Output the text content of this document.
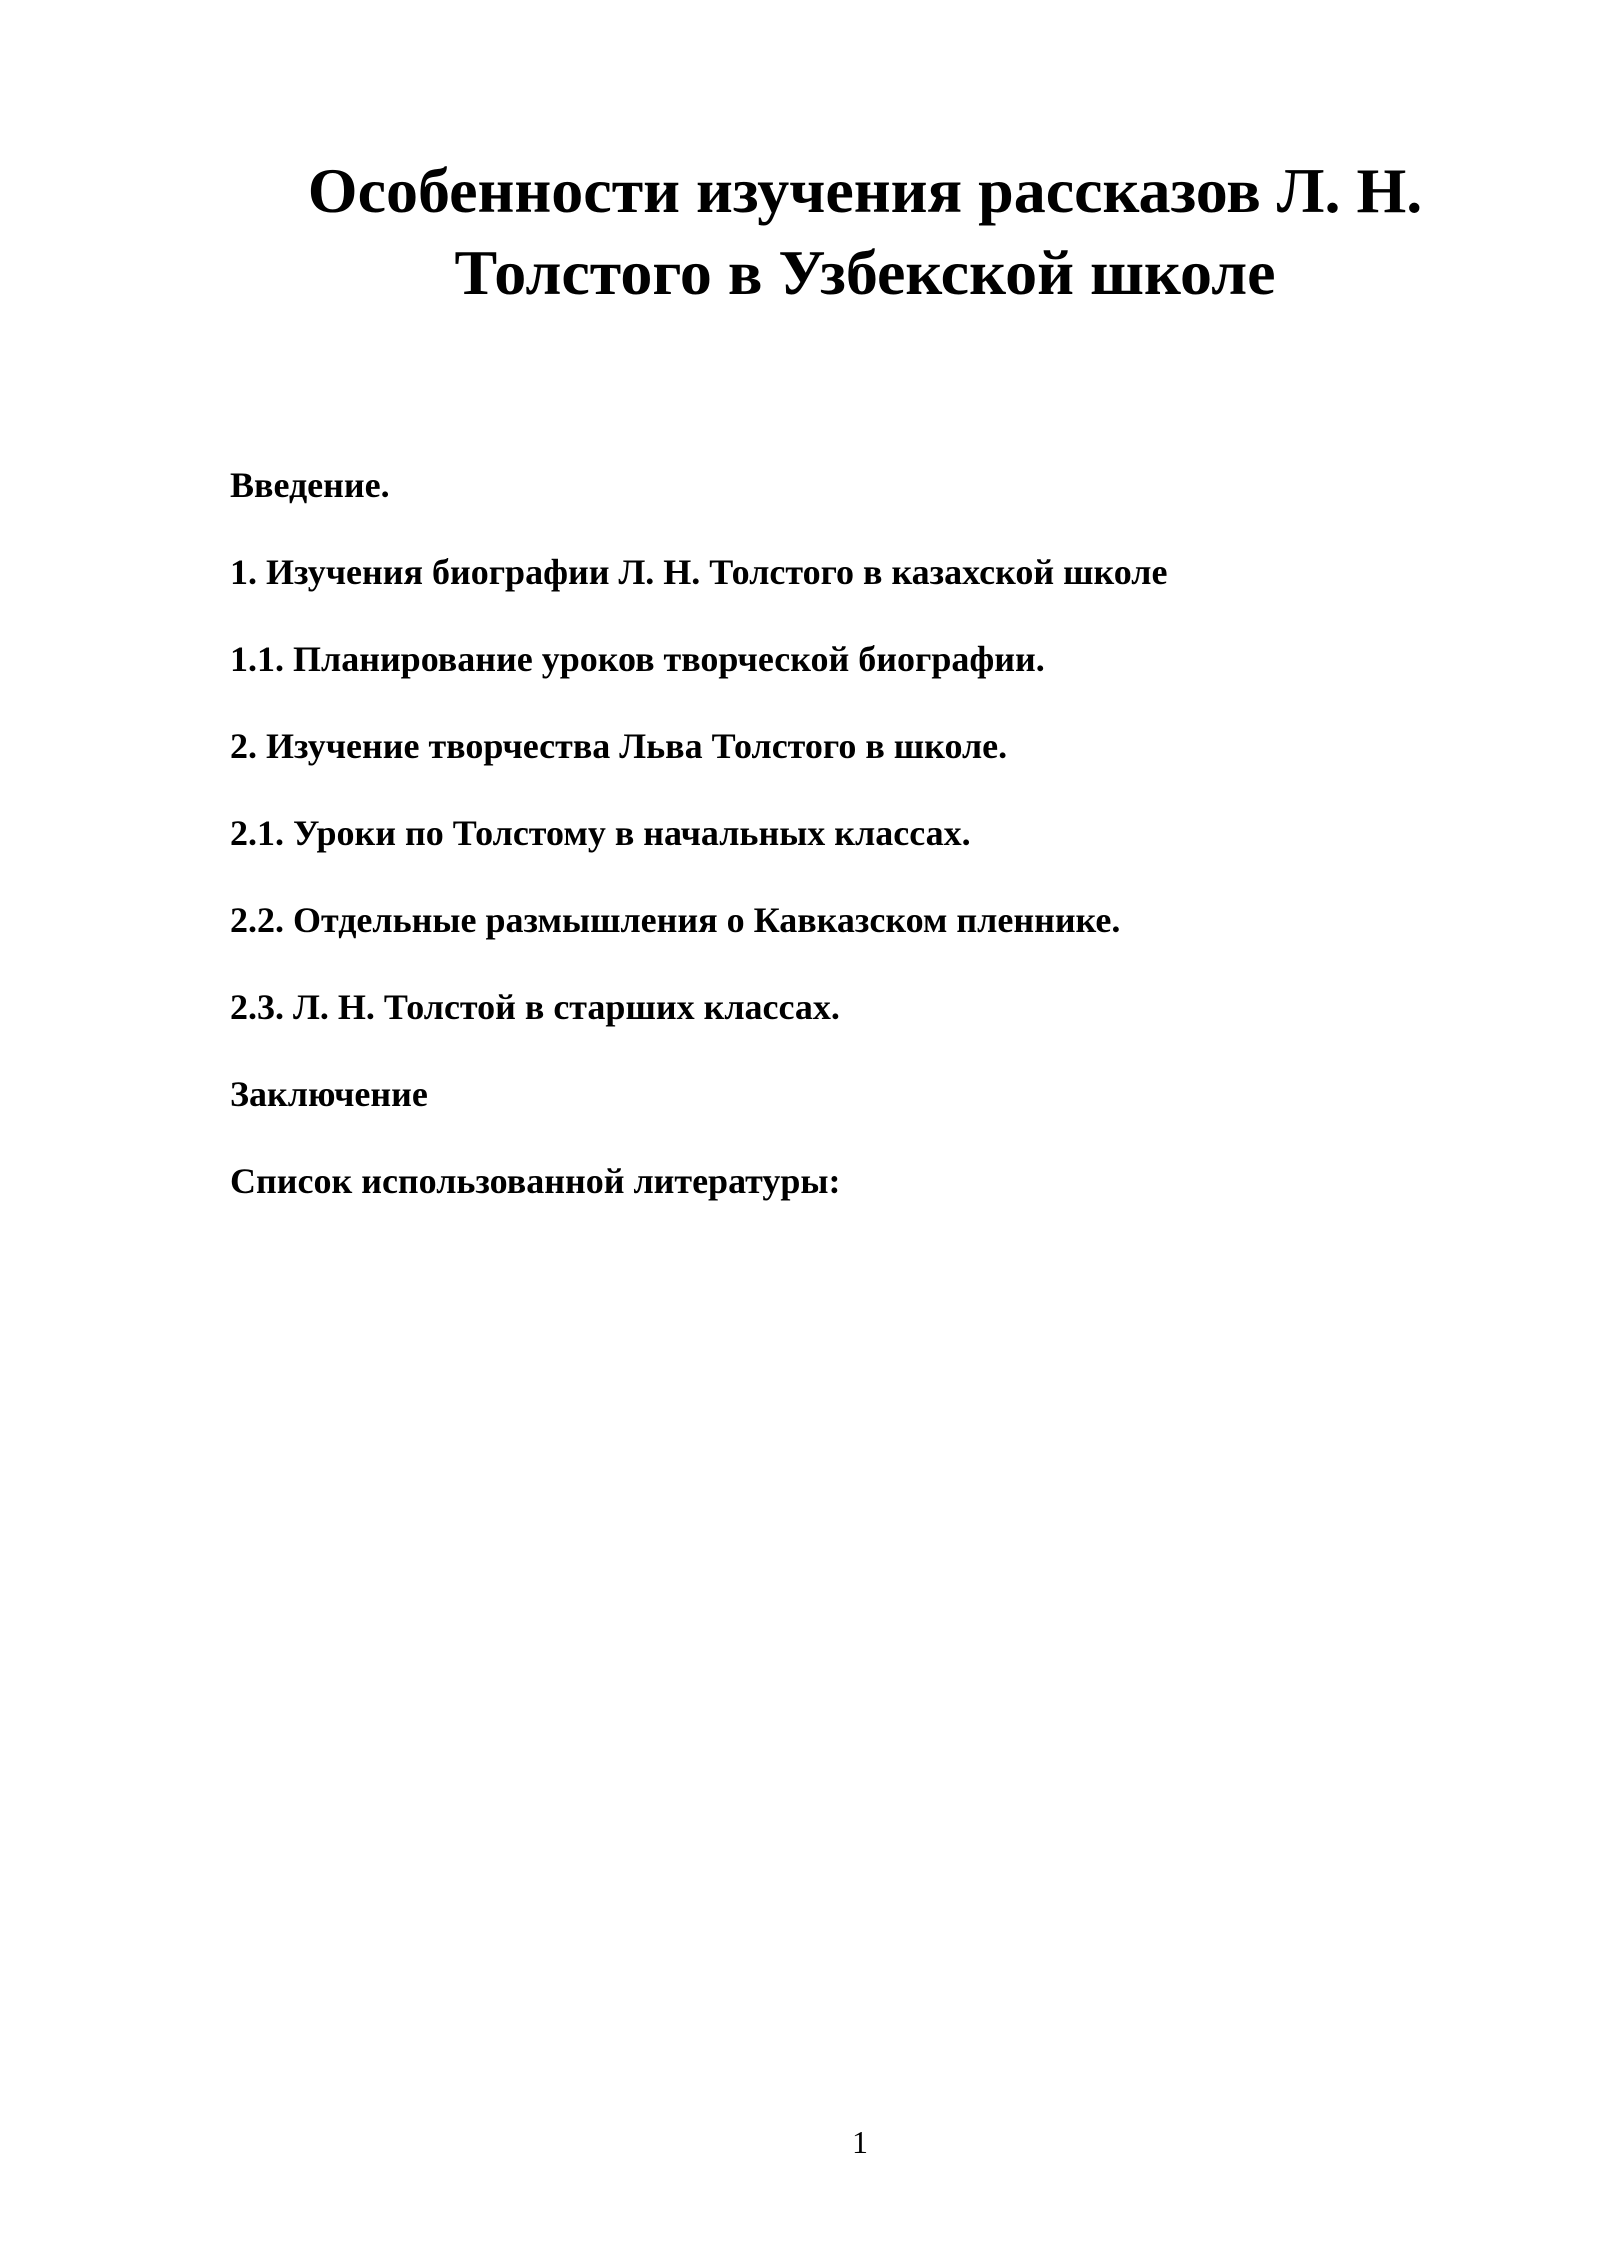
Особенности изучения рассказов Л. Н. Толстого в Узбекской школе
Введение.
1. Изучения биографии Л. Н. Толстого в казахской школе
1.1. Планирование уроков творческой биографии.
2. Изучение творчества Льва Толстого в школе.
2.1. Уроки по Толстому в начальных классах.
2.2. Отдельные размышления о Кавказском пленнике.
2.3. Л. Н. Толстой в старших классах.
Заключение
Список использованной литературы:
1
